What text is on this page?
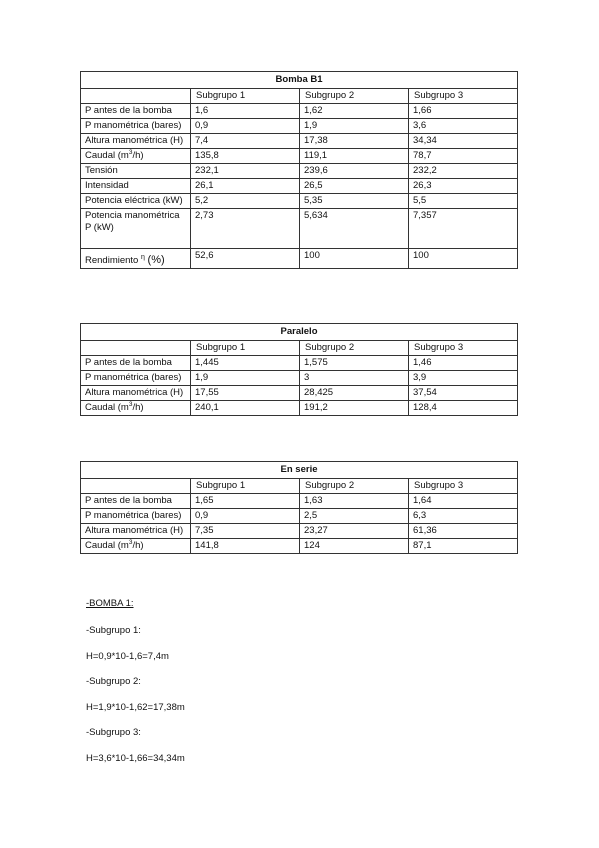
Bomba B1			
	Subgrupo 1	Subgrupo 2	Subgrupo 3
P antes de la bomba	1,6	1,62	1,66
P manométrica (bares)	0,9	1,9	3,6
Altura manométrica (H)	7,4	17,38	34,34
Caudal $(m^3/h)$	135,8	119,1	78,7
Tensión	232,1	239,6	232,2
Intensidad	26,1	26,5	26,3
Potencia eléctrica (kW)	5,2	5,35	5,5
Potencia manométrica P (kW)	2,73	5,634	7,357
Rendimiento $^\eta$ (%)	52,6	100	100
Paralelo			
	Subgrupo 1	Subgrupo 2	Subgrupo 3
P antes de la bomba	1,445	1,575	1,46
P manométrica (bares)	1,9	3	3,9
Altura manométrica (H)	17,55	28,425	37,54
Caudal $(m^3/h)$	240,1	191,2	128,4
En serie			
	Subgrupo 1	Subgrupo 2	Subgrupo 3
P antes de la bomba	1,65	1,63	1,64
P manométrica (bares)	0,9	2,5	6,3
Altura manométrica (H)	7,35	23,27	61,36
Caudal $(m^3/h)$	141,8	124	87,1

-BOMBA 1:

-Subgrupo 1:

H=0,9*10-1,6=7,4m

-Subgrupo 2:

H=1,9*10-1,62=17,38m

-Subgrupo 3:

H=3,6*10-1,66=34,34m
